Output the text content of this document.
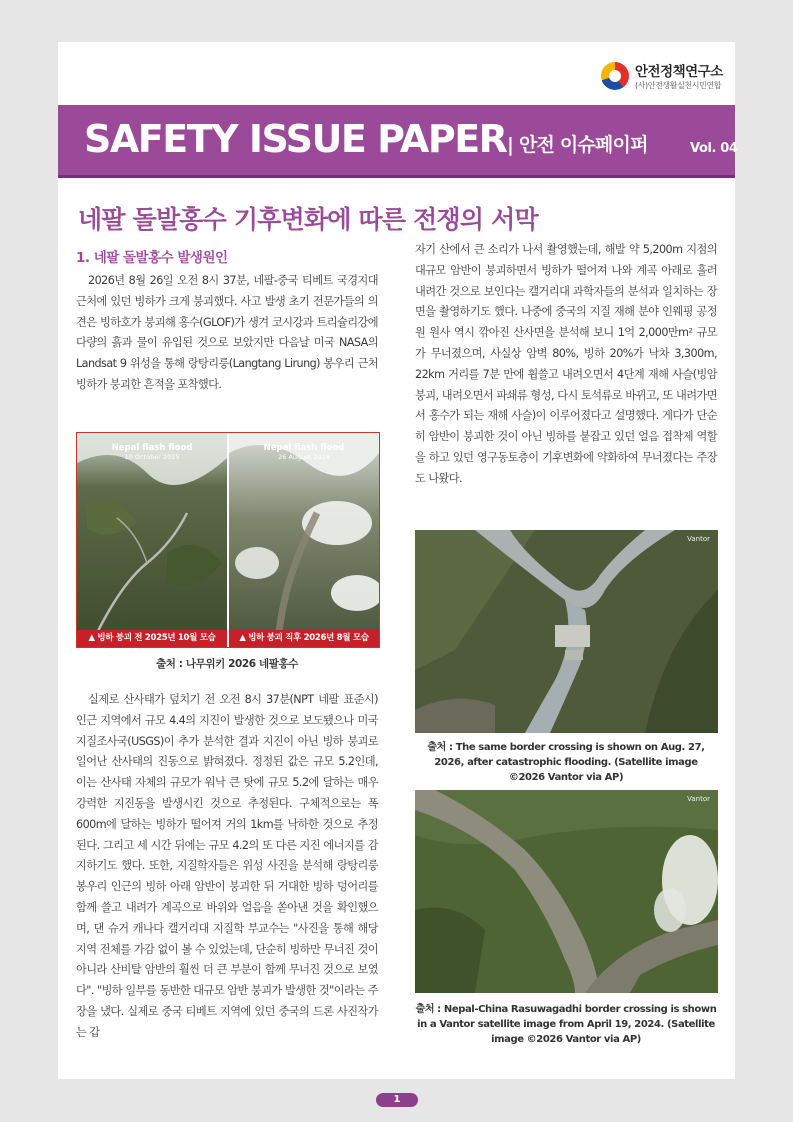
안전정책연구소
(사)안전생활실천시민연합
SAFETY ISSUE PAPER | 안전 이슈페이퍼	Vol. 04
네팔 돌발홍수 기후변화에 따른 전쟁의 서막
1. 네팔 돌발홍수 발생원인
2026년 8월 26일 오전 8시 37분, 네팔-중국 티베트 국경지대 근처에 있던 빙하가 크게 붕괴했다. 사고 발생 초기 전문가들의 의견은 빙하호가 붕괴해 홍수(GLOF)가 생겨 코시강과 트리슐리강에 다량의 흙과 물이 유입된 것으로 보았지만 다음날 미국 NASA의 Landsat 9 위성을 통해 랑탕리룽(Langtang Lirung) 봉우리 근처 빙하가 붕괴한 흔적을 포착했다.
Nepal flash flood
10 October 2025
Nepal flash flood
26 August 2026
▲ 빙하 붕괴 전 2025년 10월 모습	▲ 빙하 붕괴 직후 2026년 8월 모습
출처 : 나무위키 2026 네팔홍수
실제로 산사태가 덮치기 전 오전 8시 37분(NPT 네팔 표준시) 인근 지역에서 규모 4.4의 지진이 발생한 것으로 보도됐으나 미국 지질조사국(USGS)이 추가 분석한 결과 지진이 아닌 빙하 붕괴로 일어난 산사태의 진동으로 밝혀졌다. 정정된 값은 규모 5.2인데, 이는 산사태 자체의 규모가 워낙 큰 탓에 규모 5.2에 달하는 매우 강력한 지진동을 발생시킨 것으로 추정된다. 구체적으로는 폭 600m에 달하는 빙하가 떨어져 거의 1km를 낙하한 것으로 추정된다. 그리고 세 시간 뒤에는 규모 4.2의 또 다른 지진 에너지를 감지하기도 했다. 또한, 지질학자들은 위성 사진을 분석해 랑탕리룽 봉우리 인근의 빙하 아래 암반이 붕괴한 뒤 거대한 빙하 덩어리를 함께 쓸고 내려가 계곡으로 바위와 얼음을 쏟아낸 것을 확인했으며, 댄 슈거 캐나다 캘거리대 지질학 부교수는 "사진을 통해 해당 지역 전체를 가감 없이 볼 수 있었는데, 단순히 빙하만 무너진 것이 아니라 산비탈 암반의 훨씬 더 큰 부분이 함께 무너진 것으로 보였다". "빙하 일부를 동반한 대규모 암반 붕괴가 발생한 것"이라는 주장을 냈다. 실제로 중국 티베트 지역에 있던 중국의 드론 사진작가는 갑
자기 산에서 큰 소리가 나서 촬영했는데, 해발 약 5,200m 지점의 대규모 암반이 붕괴하면서 빙하가 떨어져 나와 계곡 아래로 흘러 내려간 것으로 보인다는 캘거리대 과학자들의 분석과 일치하는 장면을 촬영하기도 했다. 나중에 중국의 지질 재해 분야 인웨핑 공정원 원사 역시 깎아진 산사면을 분석해 보니 1억 2,000만m² 규모가 무너졌으며, 사실상 암벽 80%, 빙하 20%가 낙차 3,300m, 22km 거리를 7분 만에 휩쓸고 내려오면서 4단계 재해 사슬(빙암 붕괴, 내려오면서 파쇄류 형성, 다시 토석류로 바뀌고, 또 내려가면서 홍수가 되는 재해 사슬)이 이루어졌다고 설명했다. 게다가 단순히 암반이 붕괴한 것이 아닌 빙하를 붙잡고 있던 얼음 접착제 역할을 하고 있던 영구동토층이 기후변화에 약화하여 무너졌다는 주장도 나왔다.
Vantor
출처 : The same border crossing is shown on Aug. 27, 2026, after catastrophic flooding. (Satellite image ©2026 Vantor via AP)
Vantor
출처 : Nepal-China Rasuwagadhi border crossing is shown in a Vantor satellite image from April 19, 2024. (Satellite image ©2026 Vantor via AP)
1
